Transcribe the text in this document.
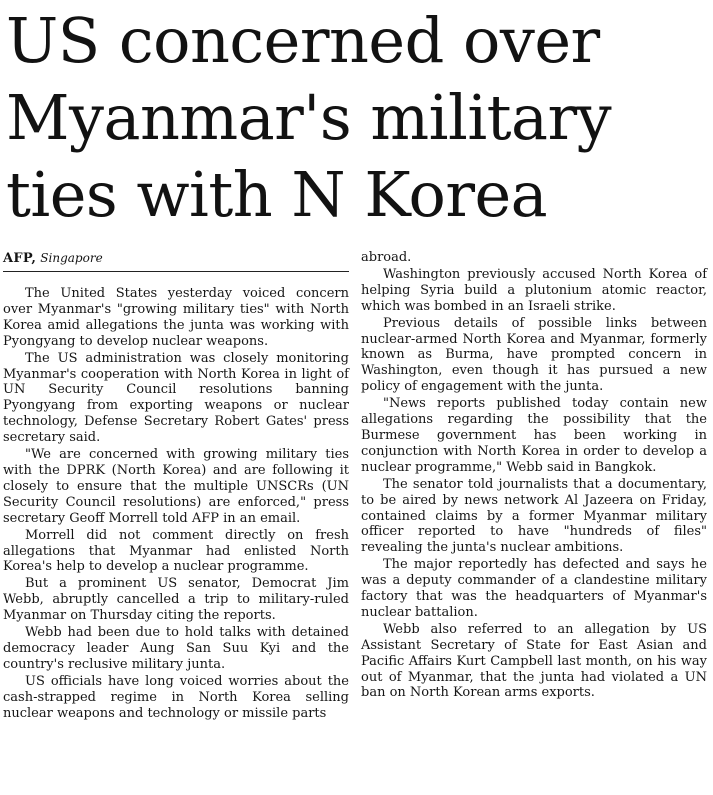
US concerned over
Myanmar's military
ties with N Korea
AFP, Singapore

The United States yesterday voiced concern over Myanmar's "growing military ties" with North Korea amid allegations the junta was working with Pyongyang to develop nuclear weapons.

The US administration was closely monitoring Myanmar's cooperation with North Korea in light of UN Security Council resolutions banning Pyongyang from exporting weapons or nuclear technology, Defense Secretary Robert Gates' press secretary said.

"We are concerned with growing military ties with the DPRK (North Korea) and are following it closely to ensure that the multiple UNSCRs (UN Security Council resolutions) are enforced," press secretary Geoff Morrell told AFP in an email.

Morrell did not comment directly on fresh allegations that Myanmar had enlisted North Korea's help to develop a nuclear programme.

But a prominent US senator, Democrat Jim Webb, abruptly cancelled a trip to military-ruled Myanmar on Thursday citing the reports.

Webb had been due to hold talks with detained democracy leader Aung San Suu Kyi and the country's reclusive military junta.

US officials have long voiced worries about the cash-strapped regime in North Korea selling nuclear weapons and technology or missile parts

abroad.

Washington previously accused North Korea of helping Syria build a plutonium atomic reactor, which was bombed in an Israeli strike.

Previous details of possible links between nuclear-armed North Korea and Myanmar, formerly known as Burma, have prompted concern in Washington, even though it has pursued a new policy of engagement with the junta.

"News reports published today contain new allegations regarding the possibility that the Burmese government has been working in conjunction with North Korea in order to develop a nuclear programme," Webb said in Bangkok.

The senator told journalists that a documentary, to be aired by news network Al Jazeera on Friday, contained claims by a former Myanmar military officer reported to have "hundreds of files" revealing the junta's nuclear ambitions.

The major reportedly has defected and says he was a deputy commander of a clandestine military factory that was the headquarters of Myanmar's nuclear battalion.

Webb also referred to an allegation by US Assistant Secretary of State for East Asian and Pacific Affairs Kurt Campbell last month, on his way out of Myanmar, that the junta had violated a UN ban on North Korean arms exports.
